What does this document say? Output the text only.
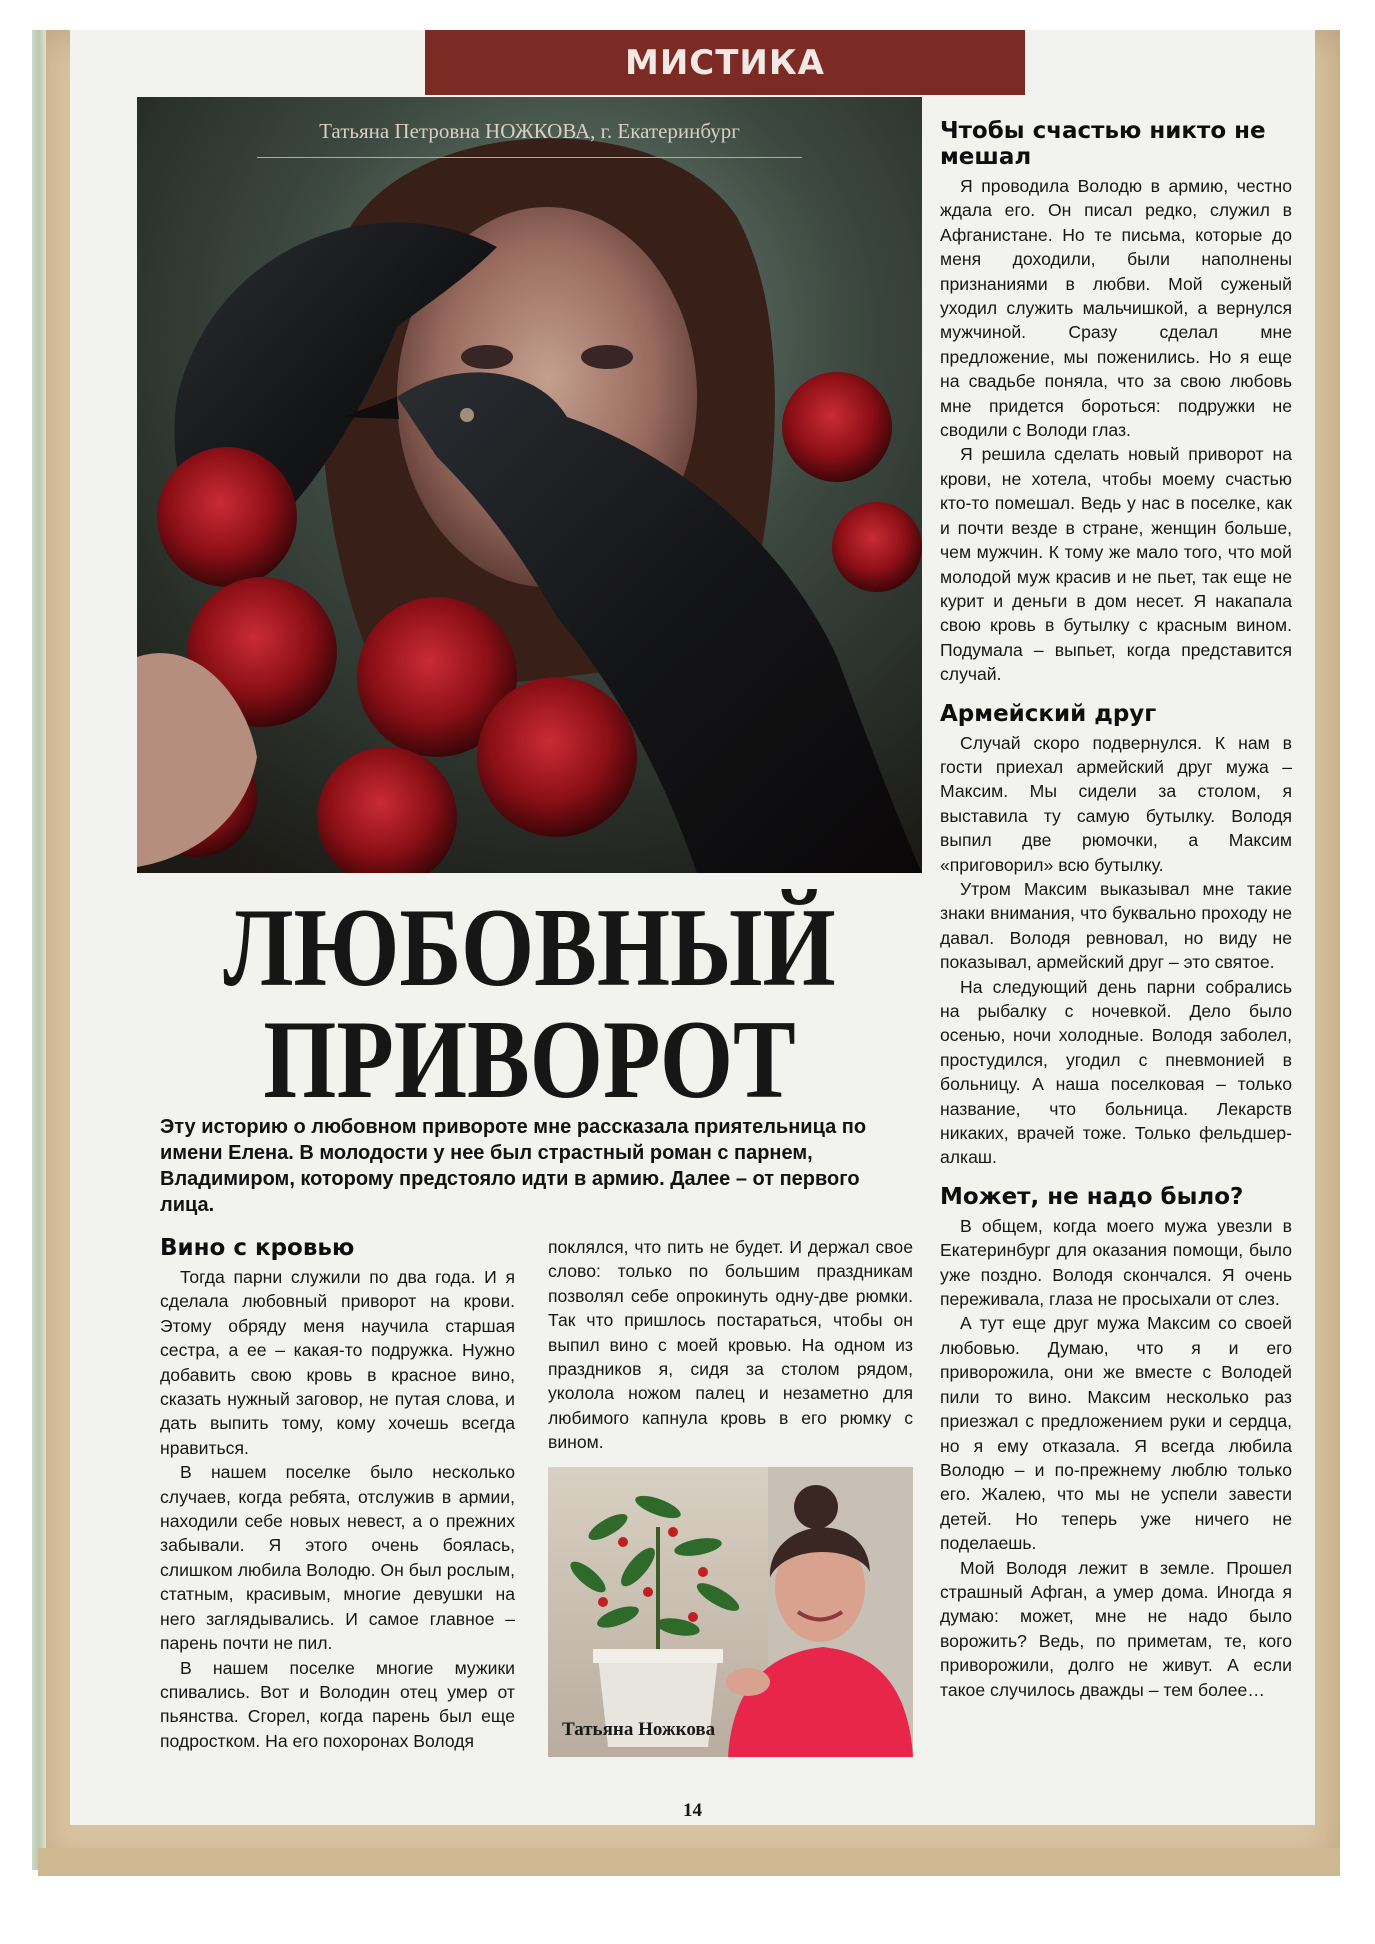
МИСТИКА
Татьяна Петровна НОЖКОВА, г. Екатеринбург
ЛЮБОВНЫЙ
ПРИВОРОТ
Эту историю о любовном привороте мне рассказала приятельница по имени Елена. В молодости у нее был страстный роман с парнем, Владимиром, которому предстояло идти в армию. Далее – от первого лица.
Вино с кровью

Тогда парни служили по два года. И я сделала любовный приворот на крови. Этому обряду меня научила старшая сестра, а ее – какая-то подружка. Нужно добавить свою кровь в красное вино, сказать нужный заговор, не путая слова, и дать выпить тому, кому хочешь всегда нравиться.

В нашем поселке было несколько случаев, когда ребята, отслужив в армии, находили себе новых невест, а о прежних забывали. Я этого очень боялась, слишком любила Володю. Он был рослым, статным, красивым, многие девушки на него заглядывались. И самое главное – парень почти не пил.

В нашем поселке многие мужики спивались. Вот и Володин отец умер от пьянства. Сгорел, когда парень был еще подростком. На его похоронах Володя

поклялся, что пить не будет. И держал свое слово: только по большим праздникам позволял себе опрокинуть одну-две рюмки. Так что пришлось постараться, чтобы он выпил вино с моей кровью. На одном из праздников я, сидя за столом рядом, уколола ножом палец и незаметно для любимого капнула кровь в его рюмку с вином.

Татьяна Ножкова
Чтобы счастью никто не мешал

Я проводила Володю в армию, честно ждала его. Он писал редко, служил в Афганистане. Но те письма, которые до меня доходили, были наполнены признаниями в любви. Мой суженый уходил служить мальчишкой, а вернулся мужчиной. Сразу сделал мне предложение, мы поженились. Но я еще на свадьбе поняла, что за свою любовь мне придется бороться: подружки не сводили с Володи глаз.

Я решила сделать новый приворот на крови, не хотела, чтобы моему счастью кто-то помешал. Ведь у нас в поселке, как и почти везде в стране, женщин больше, чем мужчин. К тому же мало того, что мой молодой муж красив и не пьет, так еще не курит и деньги в дом несет. Я накапала свою кровь в бутылку с красным вином. Подумала – выпьет, когда представится случай.

Армейский друг

Случай скоро подвернулся. К нам в гости приехал армейский друг мужа – Максим. Мы сидели за столом, я выставила ту самую бутылку. Володя выпил две рюмочки, а Максим «приговорил» всю бутылку.

Утром Максим выказывал мне такие знаки внимания, что буквально проходу не давал. Володя ревновал, но виду не показывал, армейский друг – это святое.

На следующий день парни собрались на рыбалку с ночевкой. Дело было осенью, ночи холодные. Володя заболел, простудился, угодил с пневмонией в больницу. А наша поселковая – только название, что больница. Лекарств никаких, врачей тоже. Только фельдшер-алкаш.

Может, не надо было?

В общем, когда моего мужа увезли в Екатеринбург для оказания помощи, было уже поздно. Володя скончался. Я очень переживала, глаза не просыхали от слез.

А тут еще друг мужа Максим со своей любовью. Думаю, что я и его приворожила, они же вместе с Володей пили то вино. Максим несколько раз приезжал с предложением руки и сердца, но я ему отказала. Я всегда любила Володю – и по-прежнему люблю только его. Жалею, что мы не успели завести детей. Но теперь уже ничего не поделаешь.

Мой Володя лежит в земле. Прошел страшный Афган, а умер дома. Иногда я думаю: может, мне не надо было ворожить? Ведь, по приметам, те, кого приворожили, долго не живут. А если такое случилось дважды – тем более…

14
